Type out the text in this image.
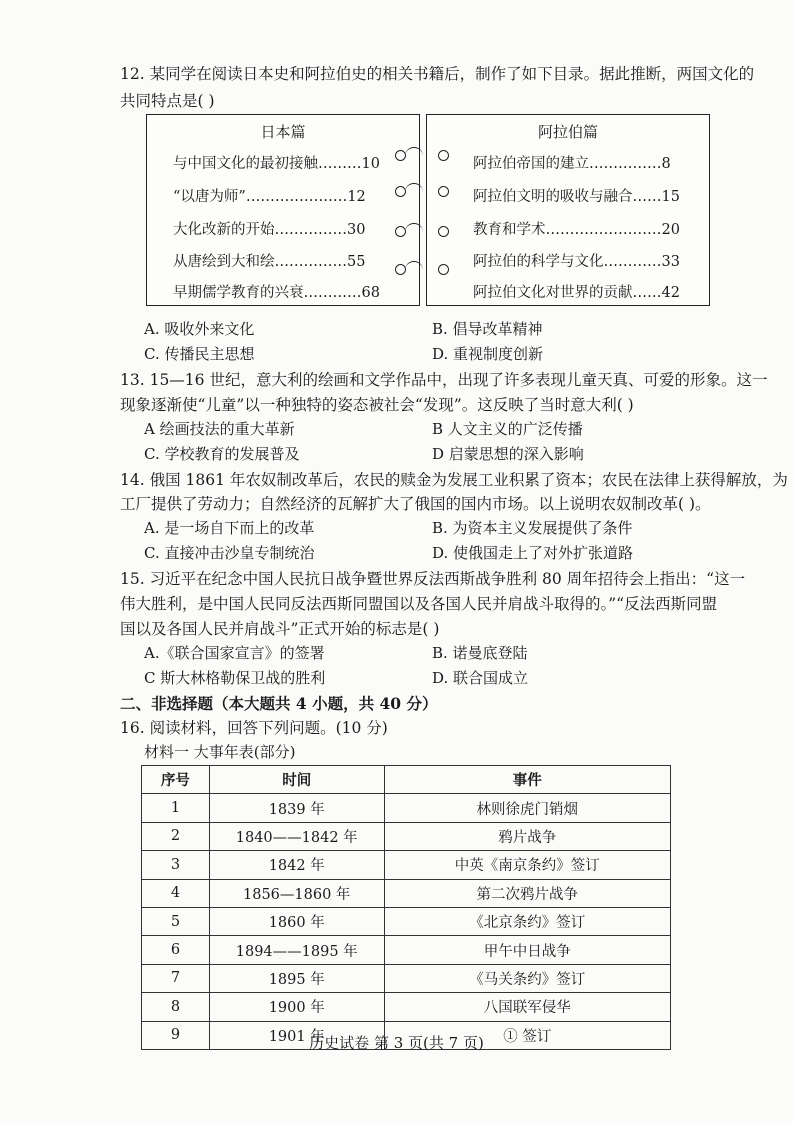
12. 某同学在阅读日本史和阿拉伯史的相关书籍后，制作了如下目录。据此推断，两国文化的
共同特点是( )
日本篇
与中国文化的最初接触………10
“以唐为师”…………………12
大化改新的开始……………30
从唐绘到大和绘……………55
早期儒学教育的兴衰…………68
阿拉伯篇
阿拉伯帝国的建立……………8
阿拉伯文明的吸收与融合……15
教育和学术……………………20
阿拉伯的科学与文化…………33
阿拉伯文化对世界的贡献……42
A. 吸收外来文化	B. 倡导改革精神
C. 传播民主思想	D. 重视制度创新
13. 15—16 世纪，意大利的绘画和文学作品中，出现了许多表现儿童天真、可爱的形象。这一
现象逐渐使“儿童”以一种独特的姿态被社会“发现”。这反映了当时意大利( )
A 绘画技法的重大革新	B 人文主义的广泛传播
C. 学校教育的发展普及	D 启蒙思想的深入影响
14. 俄国 1861 年农奴制改革后，农民的赎金为发展工业积累了资本；农民在法律上获得解放，为
工厂提供了劳动力；自然经济的瓦解扩大了俄国的国内市场。以上说明农奴制改革( )。
A. 是一场自下而上的改革	B. 为资本主义发展提供了条件
C. 直接冲击沙皇专制统治	D. 使俄国走上了对外扩张道路
15. 习近平在纪念中国人民抗日战争暨世界反法西斯战争胜利 80 周年招待会上指出：“这一
伟大胜利，是中国人民同反法西斯同盟国以及各国人民并肩战斗取得的。”“反法西斯同盟
国以及各国人民并肩战斗”正式开始的标志是( )
A.《联合国家宣言》的签署	B. 诺曼底登陆
C 斯大林格勒保卫战的胜利	D. 联合国成立
二、非选择题（本大题共 4 小题，共 40 分）
16. 阅读材料，回答下列问题。(10 分)
材料一 大事年表(部分)
序号	时间	事件
1	1839 年	林则徐虎门销烟
2	1840——1842 年	鸦片战争
3	1842 年	中英《南京条约》签订
4	1856—1860 年	第二次鸦片战争
5	1860 年	《北京条约》签订
6	1894——1895 年	甲午中日战争
7	1895 年	《马关条约》签订
8	1900 年	八国联军侵华
9	1901 年	① 签订
历史试卷 第 3 页(共 7 页)
